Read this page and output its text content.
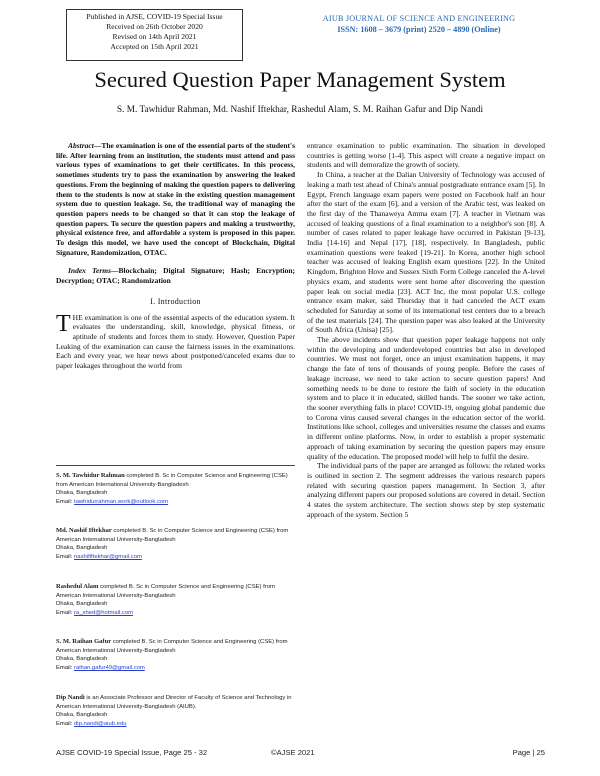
Published in AJSE, COVID-19 Special Issue
Received on 26th October 2020
Revised on 14th April 2021
Accepted on 15th April 2021
AIUB JOURNAL OF SCIENCE AND ENGINEERING
ISSN: 1608 – 3679 (print) 2520 – 4890 (Online)
Secured Question Paper Management System
S. M. Tawhidur Rahman, Md. Nashif Iftekhar, Rashedul Alam, S. M. Raihan Gafur and Dip Nandi

Abstract—The examination is one of the essential parts of the student's life. After learning from an institution, the students must attend and pass various types of examinations to get their certificates. In this process, sometimes students try to pass the examination by answering the leaked questions. From the beginning of making the question papers to delivering them to the students is now at stake in the existing question management system due to question leakage. So, the traditional way of managing the question papers needs to be changed so that it can stop the leakage of question papers. To secure the question papers and making a trustworthy, physical existence free, and affordable a system is proposed in this paper. To design this model, we have used the concept of Blockchain, Digital Signature, Randomization, OTAC.

Index Terms—Blockchain; Digital Signature; Hash; Encryption; Decryption; OTAC; Randomization

I. Introduction

THE examination is one of the essential aspects of the education system. It evaluates the understanding, skill, knowledge, physical fitness, or aptitude of students and forces them to study. However, Question Paper Leaking of the examination can cause the fairness issues in the examinations. Each and every year, we hear news about postponed/canceled exams due to paper leakages throughout the world from

S. M. Tawhidur Rahman completed B. Sc in Computer Science and Engineering (CSE) from American International University-Bangladesh
Dhaka, Bangladesh
Email: tawhidurrahman.work@outlook.com
Md. Nashif Iftekhar completed B. Sc in Computer Science and Engineering (CSE) from American International University-Bangladesh
Dhaka, Bangladesh
Email: nashififtekhar@gmail.com
Rashedul Alam completed B. Sc in Computer Science and Engineering (CSE) from American International University-Bangladesh
Dhaka, Bangladesh
Email: ra_shed@hotmail.com
S. M. Raihan Gafur completed B. Sc in Computer Science and Engineering (CSE) from American International University-Bangladesh
Dhaka, Bangladesh
Email: raihan.gafur49@gmail.com
Dip Nandi is an Associate Professor and Director of Faculty of Science and Technology in American International University-Bangladesh (AIUB).
Dhaka, Bangladesh
Email: dip.nandi@aiub.edu

entrance examination to public examination. The situation in developed countries is getting worse [1-4]. This aspect will create a negative impact on students and will demoralize the growth of society.

In China, a teacher at the Dalian University of Technology was accused of leaking a math test ahead of China's annual postgraduate entrance exam [5]. In Egypt, French language exam papers were posted on Facebook half an hour after the start of the exam [6], and a version of the Arabic test, was leaked on the first day of the Thanaweya Amma exam [7]. A teacher in Vietnam was accused of leaking questions of a final examination to a neighbor's son [8]. A number of cases related to paper leakage have occurred in Pakistan [9-13], India [14-16] and Nepal [17], [18], respectively. In Bangladesh, public examination questions were leaked [19-21]. In Korea, another high school teacher was accused of leaking English exam questions [22]. In the United Kingdom, Brighton Hove and Sussex Sixth Form College canceled the A-level physics exam, and students were sent home after discovering the question paper leak on social media [23]. ACT Inc, the most popular U.S. college entrance exam maker, said Thursday that it had canceled the ACT exam scheduled for Saturday at some of its international test centers due to a breach of the test materials [24]. The question paper was also leaked at the University of South Africa (Unisa) [25].

The above incidents show that question paper leakage happens not only within the developing and underdeveloped countries but also in developed countries. We must not forget, once an unjust examination happens, it may change the fate of tens of thousands of young people. Before the cases of leakage increase, we need to take action to secure question papers! And something needs to be done to restore the faith of society in the education system and to place it in educated, skilled hands. The sooner we take action, the sooner everything falls in place! COVID-19, ongoing global pandemic due to Corona virus caused several changes in the education sector of the world. Institutions like school, colleges and universities resume the classes and exams in different online platforms. Now, in order to establish a proper systematic approach of taking examination by securing the question papers may ensure quality of the education. The proposed model will help to fulfil the desire.

The individual parts of the paper are arranged as follows: the related works is outlined in section 2. The segment addresses the various research papers related with securing question papers management. In Section 3, after analyzing different papers our proposed solutions are covered in detail. Section 4 states the system architecture. The section shows step by step systematic approach of the system. Section 5

AJSE COVID-19 Special Issue, Page 25 - 32	©AJSE 2021	Page | 25
